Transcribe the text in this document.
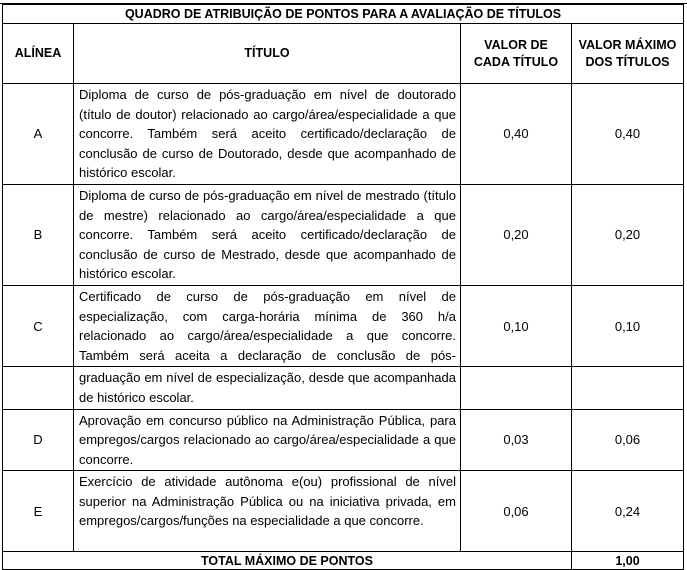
QUADRO DE ATRIBUIÇÃO DE PONTOS PARA A AVALIAÇÃO DE TÍTULOS			
ALÍNEA	TÍTULO	VALOR DE CADA TÍTULO	VALOR MÁXIMO DOS TÍTULOS
A	Diploma de curso de pós-graduação em nível de doutorado (título de doutor) relacionado ao cargo/área/especialidade a que concorre. Também será aceito certificado/declaração de conclusão de curso de Doutorado, desde que acompanhado de histórico escolar.	0,40	0,40
B	Diploma de curso de pós-graduação em nível de mestrado (título de mestre) relacionado ao cargo/área/especialidade a que concorre. Também será aceito certificado/declaração de conclusão de curso de Mestrado, desde que acompanhado de histórico escolar.	0,20	0,20
C	Certificado de curso de pós-graduação em nível de especialização, com carga-horária mínima de 360 h/a relacionado ao cargo/área/especialidade a que concorre. Também será aceita a declaração de conclusão de pós-	0,10	0,10
	graduação em nível de especialização, desde que acompanhada de histórico escolar.		
D	Aprovação em concurso público na Administração Pública, para empregos/cargos relacionado ao cargo/área/especialidade a que concorre.	0,03	0,06
E	Exercício de atividade autônoma e(ou) profissional de nível superior na Administração Pública ou na iniciativa privada, em empregos/cargos/funções na especialidade a que concorre.	0,06	0,24
TOTAL MÁXIMO DE PONTOS			1,00
